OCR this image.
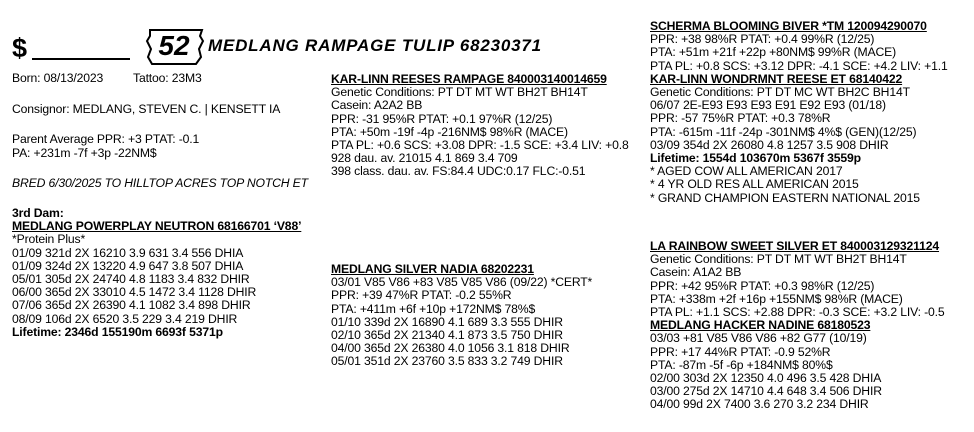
$	52	MEDLANG RAMPAGE TULIP 68230371
Born: 08/13/2023 Tattoo: 23M3
Consignor: MEDLANG, STEVEN C. | KENSETT IA
Parent Average PPR: +3 PTAT: -0.1
PA: +231m -7f +3p -22NM$
BRED 6/30/2025 TO HILLTOP ACRES TOP NOTCH ET
3rd Dam:
MEDLANG POWERPLAY NEUTRON 68166701 ‘V88’
*Protein Plus*
01/09 321d 2X 16210 3.9 631 3.4 556 DHIA
01/09 324d 2X 13220 4.9 647 3.8 507 DHIA
05/01 305d 2X 24740 4.8 1183 3.4 832 DHIR
06/00 365d 2X 33010 4.5 1472 3.4 1128 DHIR
07/06 365d 2X 26390 4.1 1082 3.4 898 DHIR
08/09 106d 2X 6520 3.5 229 3.4 219 DHIR
Lifetime: 2346d 155190m 6693f 5371p
KAR-LINN REESES RAMPAGE 840003140014659
Genetic Conditions: PT DT MT WT BH2T BH14T
Casein: A2A2 BB
PPR: -31 95%R PTAT: +0.1 97%R (12/25)
PTA: +50m -19f -4p -216NM$ 98%R (MACE)
PTA PL: +0.6 SCS: +3.08 DPR: -1.5 SCE: +3.4 LIV: +0.8
928 dau. av. 21015 4.1 869 3.4 709
398 class. dau. av. FS:84.4 UDC:0.17 FLC:-0.51
MEDLANG SILVER NADIA 68202231
03/01 V85 V86 +83 V85 V85 V86 (09/22) *CERT*
PPR: +39 47%R PTAT: -0.2 55%R
PTA: +411m +6f +10p +172NM$ 78%$
01/10 339d 2X 16890 4.1 689 3.3 555 DHIR
02/10 365d 2X 21340 4.1 873 3.5 750 DHIR
04/00 365d 2X 26380 4.0 1056 3.1 818 DHIR
05/01 351d 2X 23760 3.5 833 3.2 749 DHIR
SCHERMA BLOOMING BIVER *TM 120094290070
PPR: +38 98%R PTAT: +0.4 99%R (12/25)
PTA: +51m +21f +22p +80NM$ 99%R (MACE)
PTA PL: +0.8 SCS: +3.12 DPR: -4.1 SCE: +4.2 LIV: +1.1
KAR-LINN WONDRMNT REESE ET 68140422
Genetic Conditions: PT DT MC WT BH2C BH14T
06/07 2E-E93 E93 E93 E91 E92 E93 (01/18)
PPR: -57 75%R PTAT: +0.3 78%R
PTA: -615m -11f -24p -301NM$ 4%$ (GEN)(12/25)
03/09 354d 2X 26080 4.8 1257 3.5 908 DHIR
Lifetime: 1554d 103670m 5367f 3559p
* AGED COW ALL AMERICAN 2017
* 4 YR OLD RES ALL AMERICAN 2015
* GRAND CHAMPION EASTERN NATIONAL 2015
LA RAINBOW SWEET SILVER ET 840003129321124
Genetic Conditions: PT DT MT WT BH2T BH14T
Casein: A1A2 BB
PPR: +42 95%R PTAT: +0.3 98%R (12/25)
PTA: +338m +2f +16p +155NM$ 98%R (MACE)
PTA PL: +1.1 SCS: +2.88 DPR: -0.3 SCE: +3.2 LIV: -0.5
MEDLANG HACKER NADINE 68180523
03/03 +81 V85 V86 V86 +82 G77 (10/19)
PPR: +17 44%R PTAT: -0.9 52%R
PTA: -87m -5f -6p +184NM$ 80%$
02/00 303d 2X 12350 4.0 496 3.5 428 DHIA
03/00 275d 2X 14710 4.4 648 3.4 506 DHIR
04/00 99d 2X 7400 3.6 270 3.2 234 DHIR
